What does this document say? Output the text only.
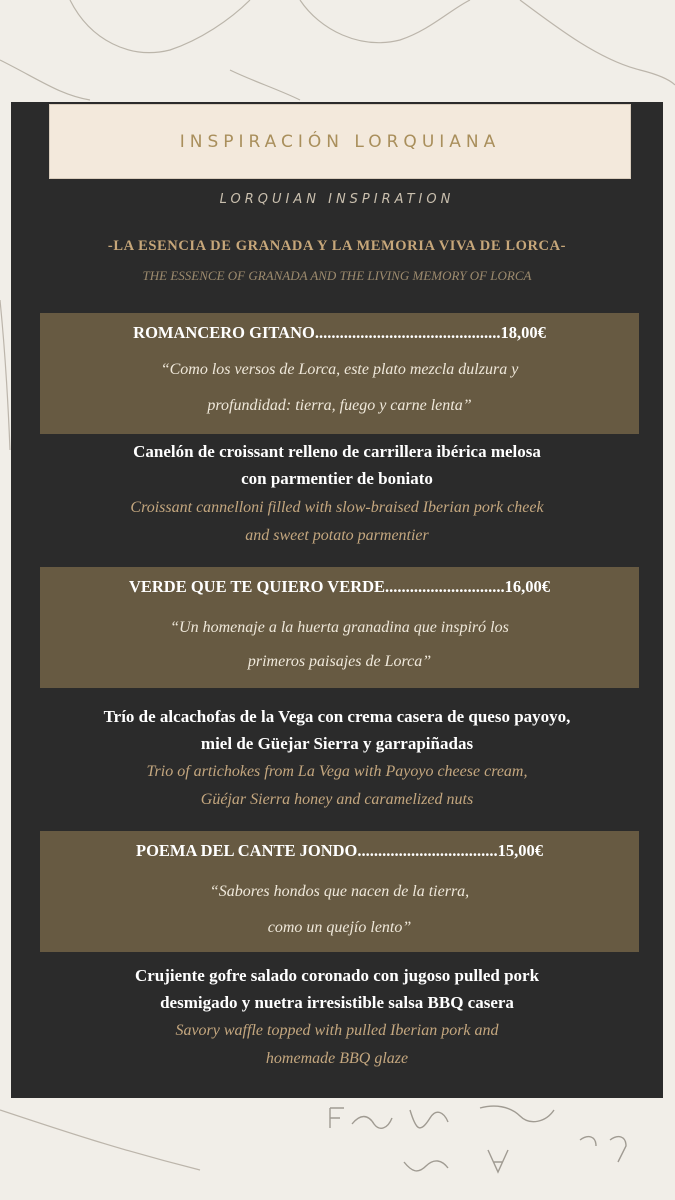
INSPIRACIÓN LORQUIANA
LORQUIAN INSPIRATION
-LA ESENCIA DE GRANADA Y LA MEMORIA VIVA DE LORCA-
THE ESSENCE OF GRANADA AND THE LIVING MEMORY OF LORCA
ROMANCERO GITANO.............................................18,00€
“Como los versos de Lorca, este plato mezcla dulzura y
profundidad: tierra, fuego y carne lenta”
Canelón de croissant relleno de carrillera ibérica melosa
con parmentier de boniato
Croissant cannelloni filled with slow-braised Iberian pork cheek
and sweet potato parmentier
VERDE QUE TE QUIERO VERDE.............................16,00€
“Un homenaje a la huerta granadina que inspiró los
primeros paisajes de Lorca”
Trío de alcachofas de la Vega con crema casera de queso payoyo,
miel de Güejar Sierra y garrapiñadas
Trio of artichokes from La Vega with Payoyo cheese cream,
Güéjar Sierra honey and caramelized nuts
POEMA DEL CANTE JONDO..................................15,00€
“Sabores hondos que nacen de la tierra,
como un quejío lento”
Crujiente gofre salado coronado con jugoso pulled pork
desmigado y nuetra irresistible salsa BBQ casera
Savory waffle topped with pulled Iberian pork and
homemade BBQ glaze
